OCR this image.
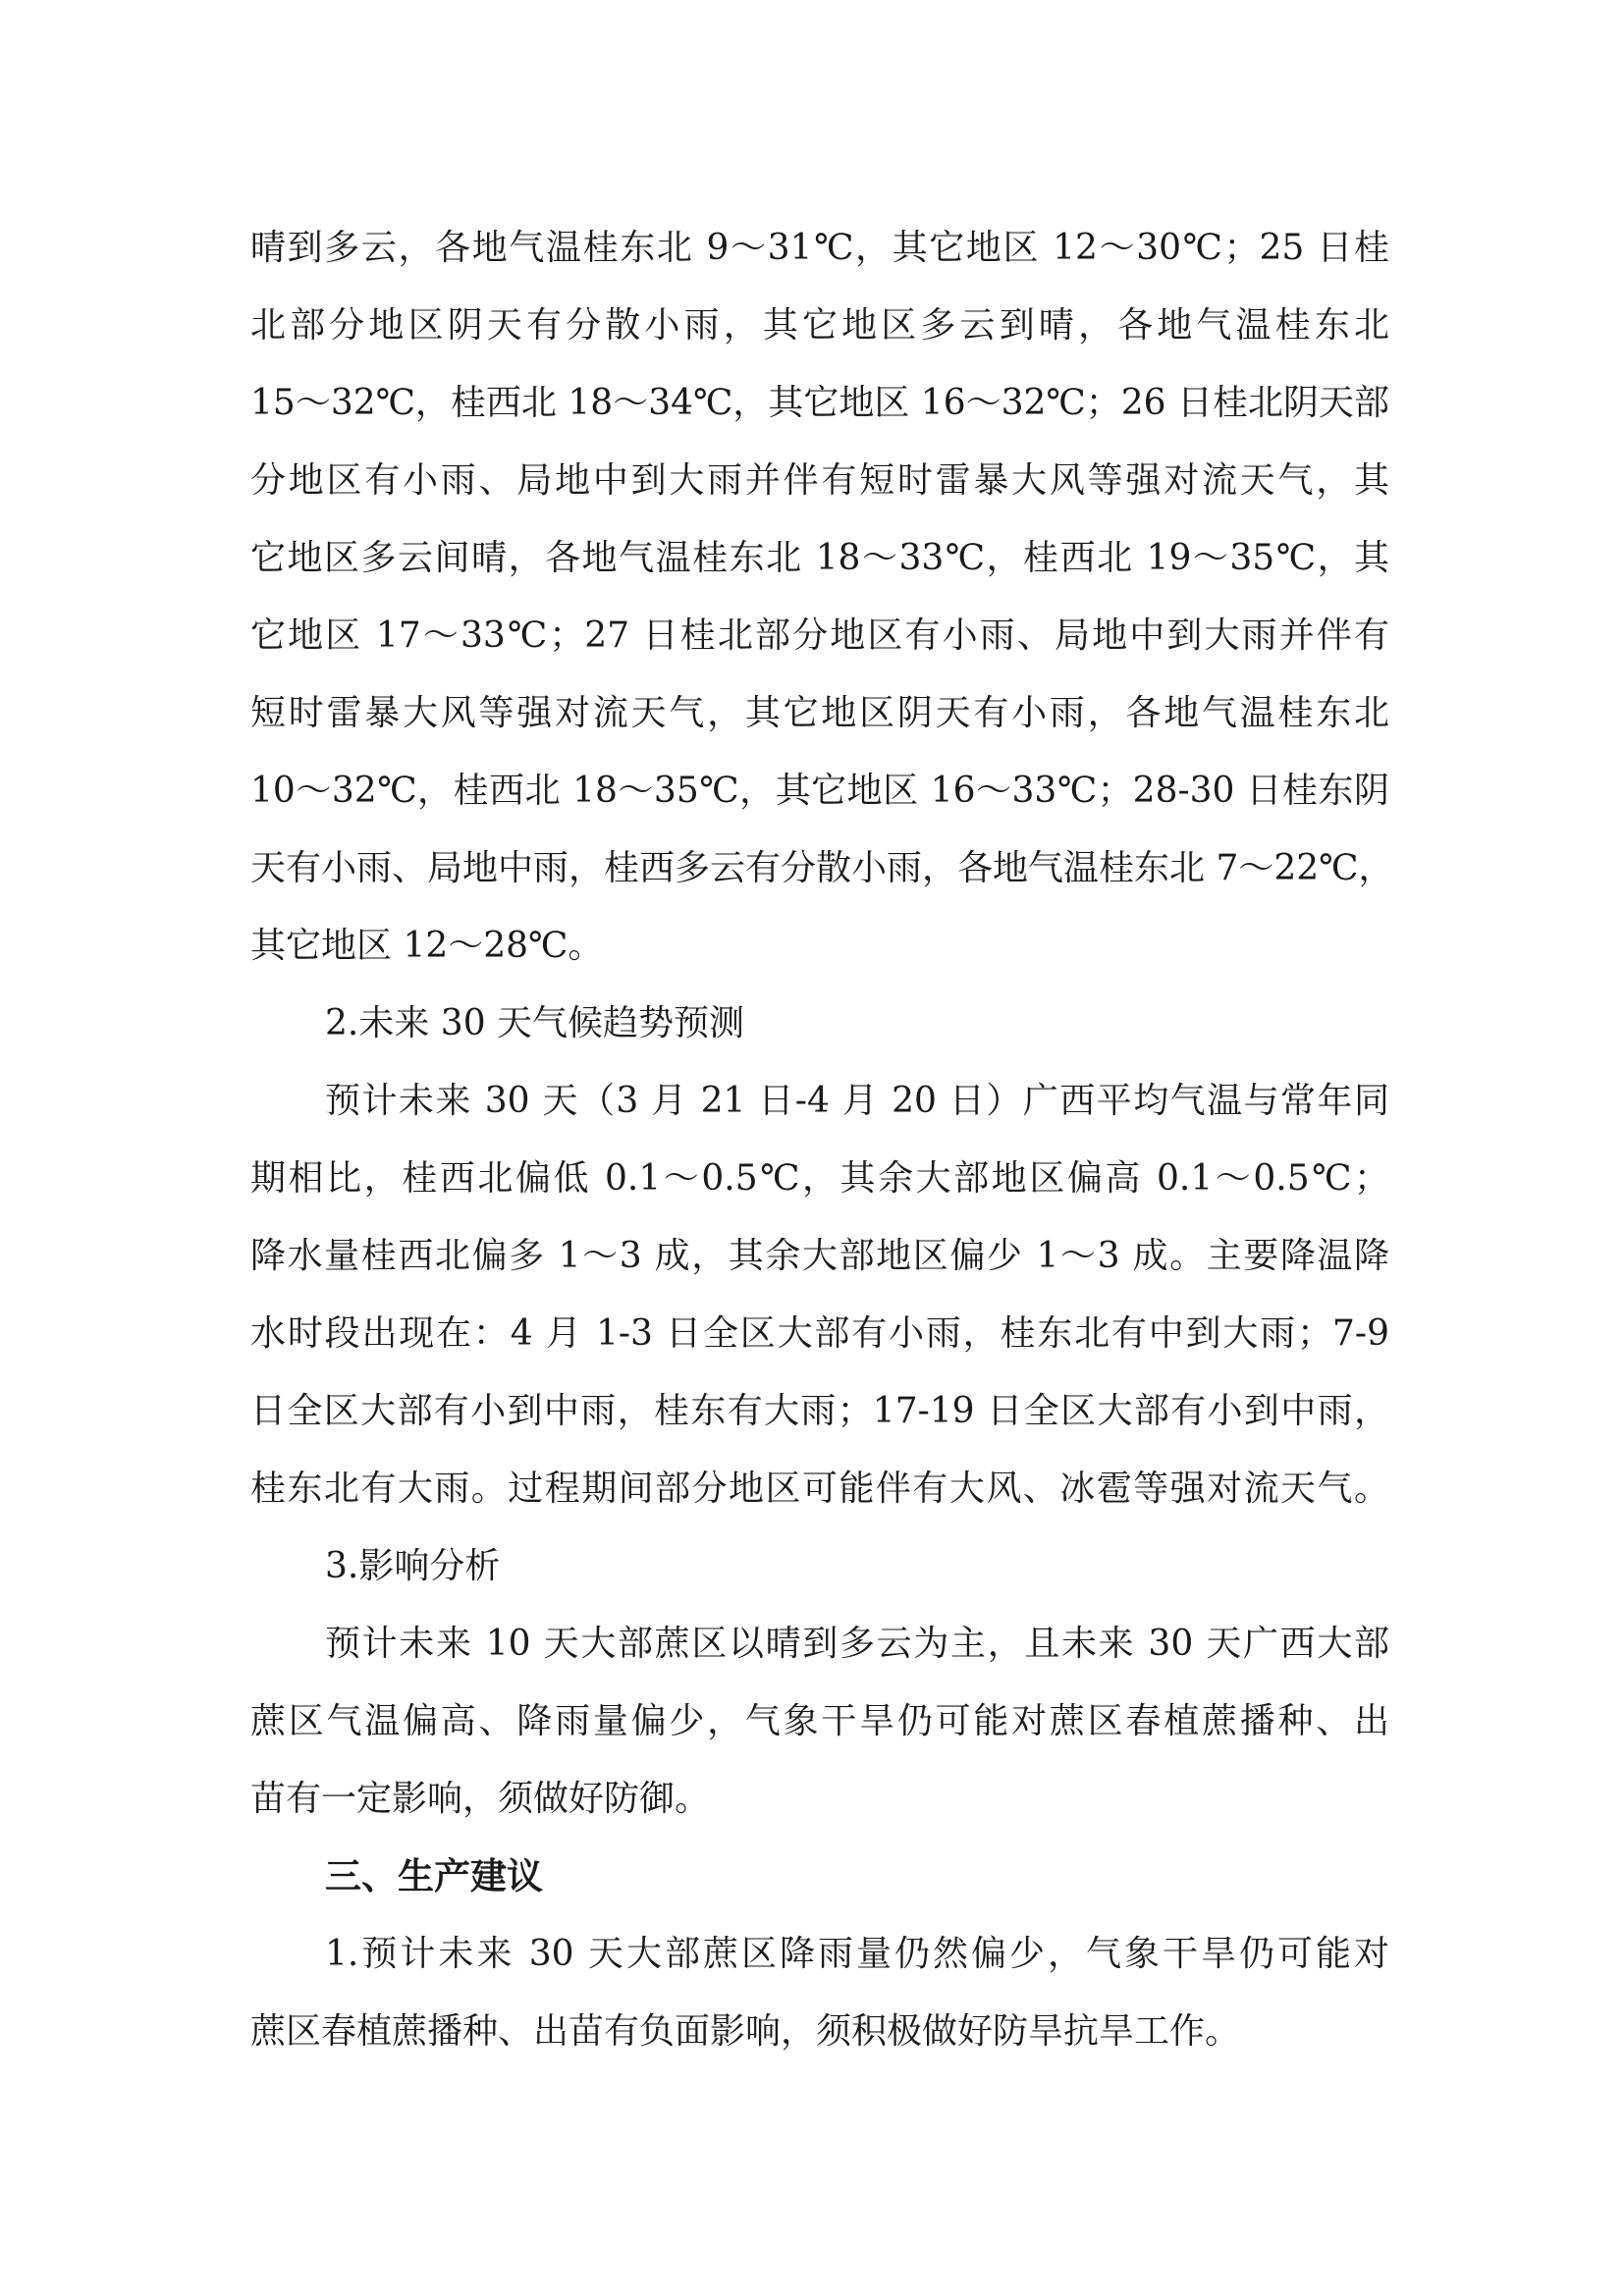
晴到多云，各地气温桂东北 9～31℃，其它地区 12～30℃；25 日桂
北部分地区阴天有分散小雨，其它地区多云到晴，各地气温桂东北
15～32℃，桂西北 18～34℃，其它地区 16～32℃；26 日桂北阴天部
分地区有小雨、局地中到大雨并伴有短时雷暴大风等强对流天气，其
它地区多云间晴，各地气温桂东北 18～33℃，桂西北 19～35℃，其
它地区 17～33℃；27 日桂北部分地区有小雨、局地中到大雨并伴有
短时雷暴大风等强对流天气，其它地区阴天有小雨，各地气温桂东北
10～32℃，桂西北 18～35℃，其它地区 16～33℃；28-30 日桂东阴
天有小雨、局地中雨，桂西多云有分散小雨，各地气温桂东北 7～22℃，
其它地区 12～28℃。
2.未来 30 天气候趋势预测
预计未来 30 天（3 月 21 日-4 月 20 日）广西平均气温与常年同
期相比，桂西北偏低 0.1～0.5℃，其余大部地区偏高 0.1～0.5℃；
降水量桂西北偏多 1～3 成，其余大部地区偏少 1～3 成。主要降温降
水时段出现在：4 月 1-3 日全区大部有小雨，桂东北有中到大雨；7-9
日全区大部有小到中雨，桂东有大雨；17-19 日全区大部有小到中雨，
桂东北有大雨。过程期间部分地区可能伴有大风、冰雹等强对流天气。
3.影响分析
预计未来 10 天大部蔗区以晴到多云为主，且未来 30 天广西大部
蔗区气温偏高、降雨量偏少，气象干旱仍可能对蔗区春植蔗播种、出
苗有一定影响，须做好防御。
三、生产建议
1.预计未来 30 天大部蔗区降雨量仍然偏少，气象干旱仍可能对
蔗区春植蔗播种、出苗有负面影响，须积极做好防旱抗旱工作。
